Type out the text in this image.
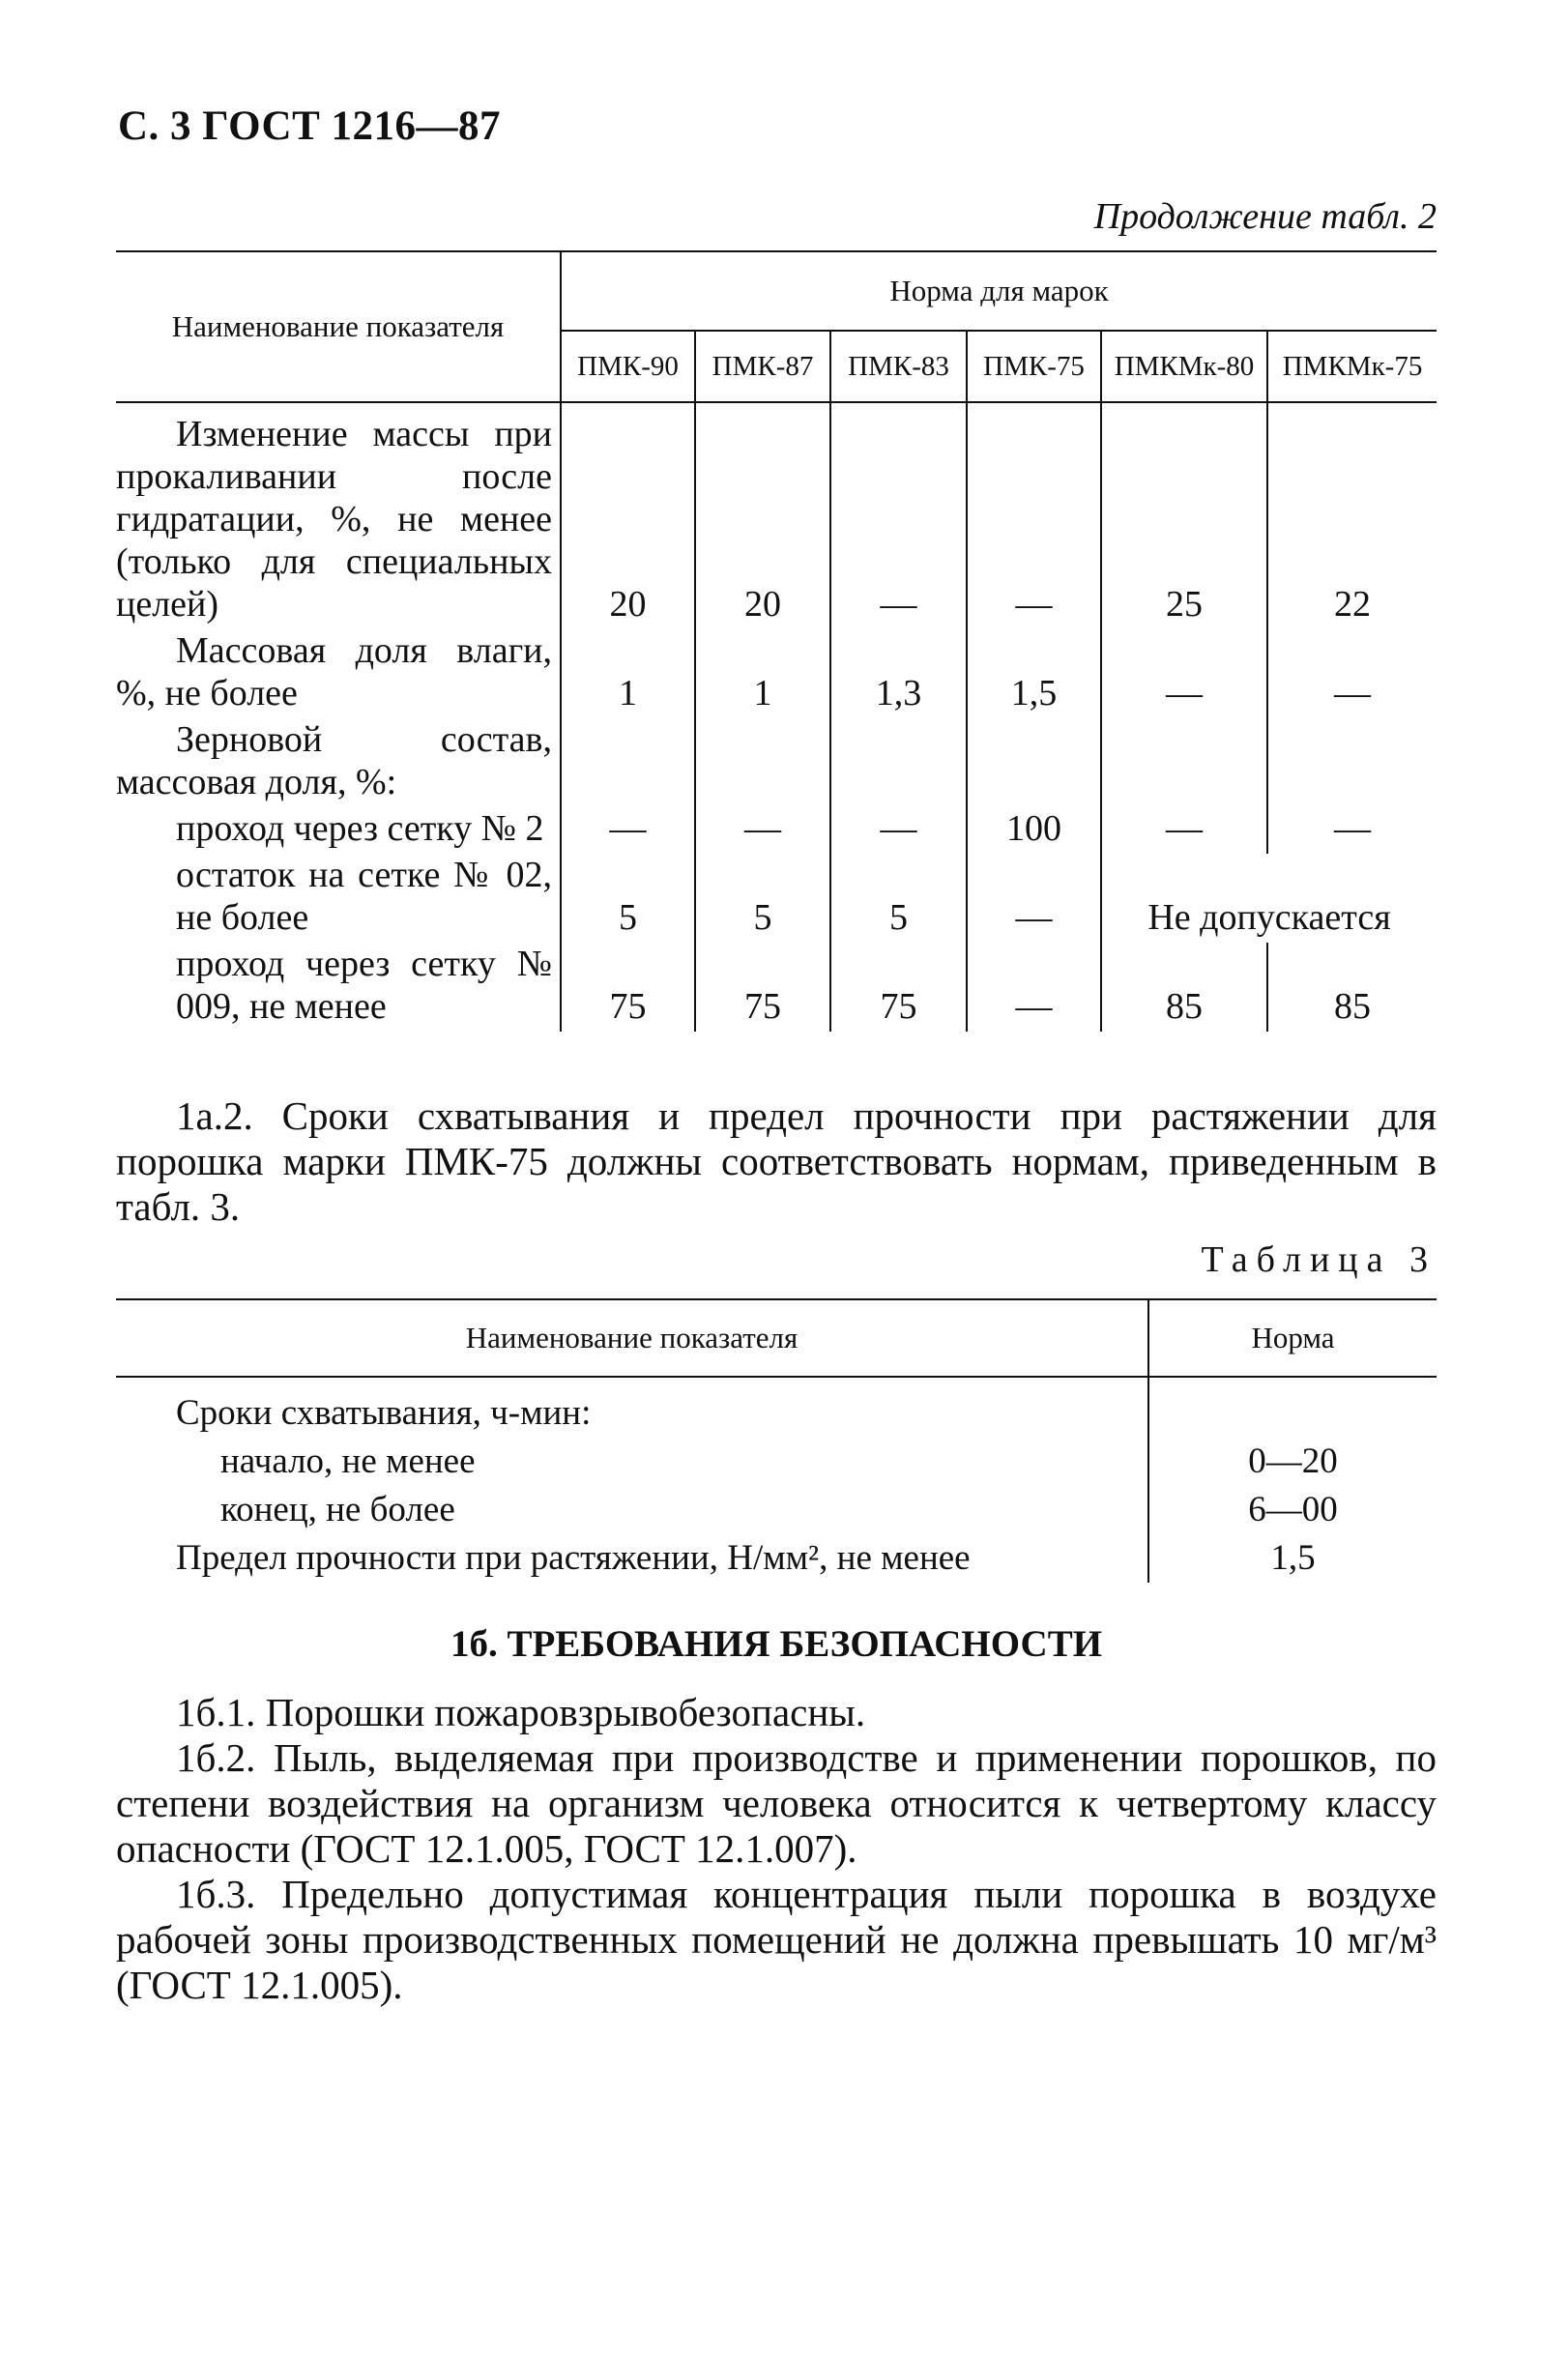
С. 3 ГОСТ 1216—87
Продолжение табл. 2
Наименование показателя	Норма для марок					
	ПМК-90	ПМК-87	ПМК-83	ПМК-75	ПМКМк-80	ПМКМк-75
Изменение массы при прокаливании после гидратации, %, не менее (только для специальных целей)	20	20	—	—	25	22
Массовая доля влаги, %, не более	1	1	1,3	1,5	—	—
Зерновой состав, массовая доля, %:						
проход через сетку № 2	—	—	—	100	—	—
остаток на сетке № 02, не более	5	5	5	—	Не допускается	
проход через сетку № 009, не менее	75	75	75	—	85	85

1а.2. Сроки схватывания и предел прочности при растяжении для порошка марки ПМК-75 должны соответствовать нормам, приведенным в табл. 3.

Таблица 3
Наименование показателя	Норма
Сроки схватывания, ч-мин:	
начало, не менее	0—20
конец, не более	6—00
Предел прочности при растяжении, Н/мм², не менее	1,5
1б. ТРЕБОВАНИЯ БЕЗОПАСНОСТИ

1б.1. Порошки пожаровзрывобезопасны.

1б.2. Пыль, выделяемая при производстве и применении порошков, по степени воздействия на организм человека относится к четвертому классу опасности (ГОСТ 12.1.005, ГОСТ 12.1.007).

1б.3. Предельно допустимая концентрация пыли порошка в воздухе рабочей зоны производственных помещений не должна превышать 10 мг/м³ (ГОСТ 12.1.005).
